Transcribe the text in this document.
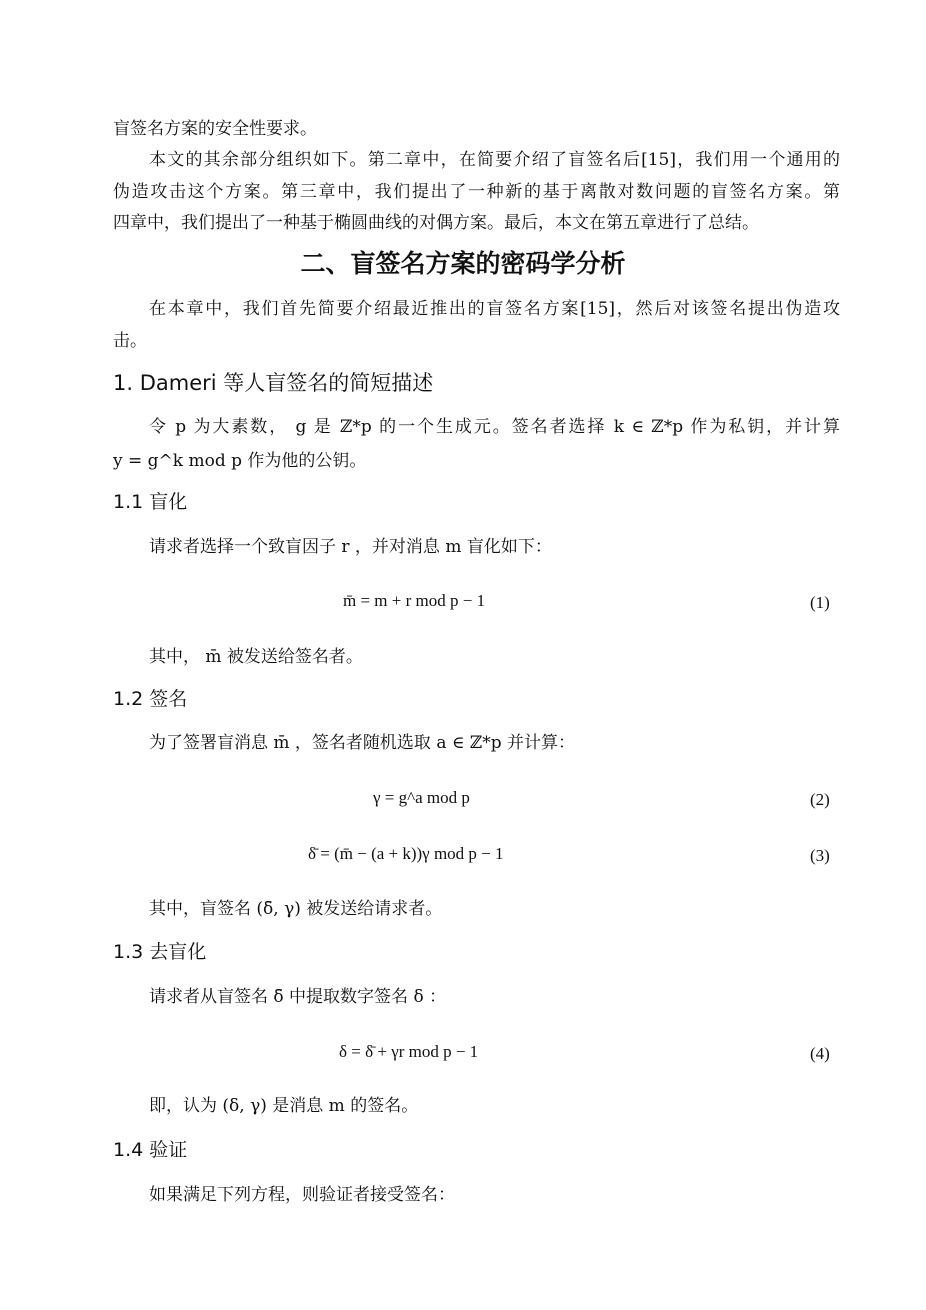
盲签名方案的安全性要求。
本文的其余部分组织如下。第二章中，在简要介绍了盲签名后[15]，我们用一个通用的
伪造攻击这个方案。第三章中，我们提出了一种新的基于离散对数问题的盲签名方案。第
四章中，我们提出了一种基于椭圆曲线的对偶方案。最后，本文在第五章进行了总结。
二、盲签名方案的密码学分析
在本章中，我们首先简要介绍最近推出的盲签名方案[15]，然后对该签名提出伪造攻
击。
1. Dameri 等人盲签名的简短描述
令 p 为大素数， g 是 ℤ*p 的一个生成元。签名者选择 k ∈ ℤ*p 作为私钥，并计算
y = g^k mod p 作为他的公钥。
1.1 盲化
请求者选择一个致盲因子 r ，并对消息 m 盲化如下：
m̄ = m + r mod p − 1	(1)
其中， m̄ 被发送给签名者。
1.2 签名
为了签署盲消息 m̄ ，签名者随机选取 a ∈ ℤ*p 并计算：
γ = g^a mod p	(2)
δ̄ = (m̄ − (a + k))γ mod p − 1	(3)
其中，盲签名 (δ̄, γ) 被发送给请求者。
1.3 去盲化
请求者从盲签名 δ̄ 中提取数字签名 δ ：
δ = δ̄ + γr mod p − 1	(4)
即，认为 (δ, γ) 是消息 m 的签名。
1.4 验证
如果满足下列方程，则验证者接受签名：
